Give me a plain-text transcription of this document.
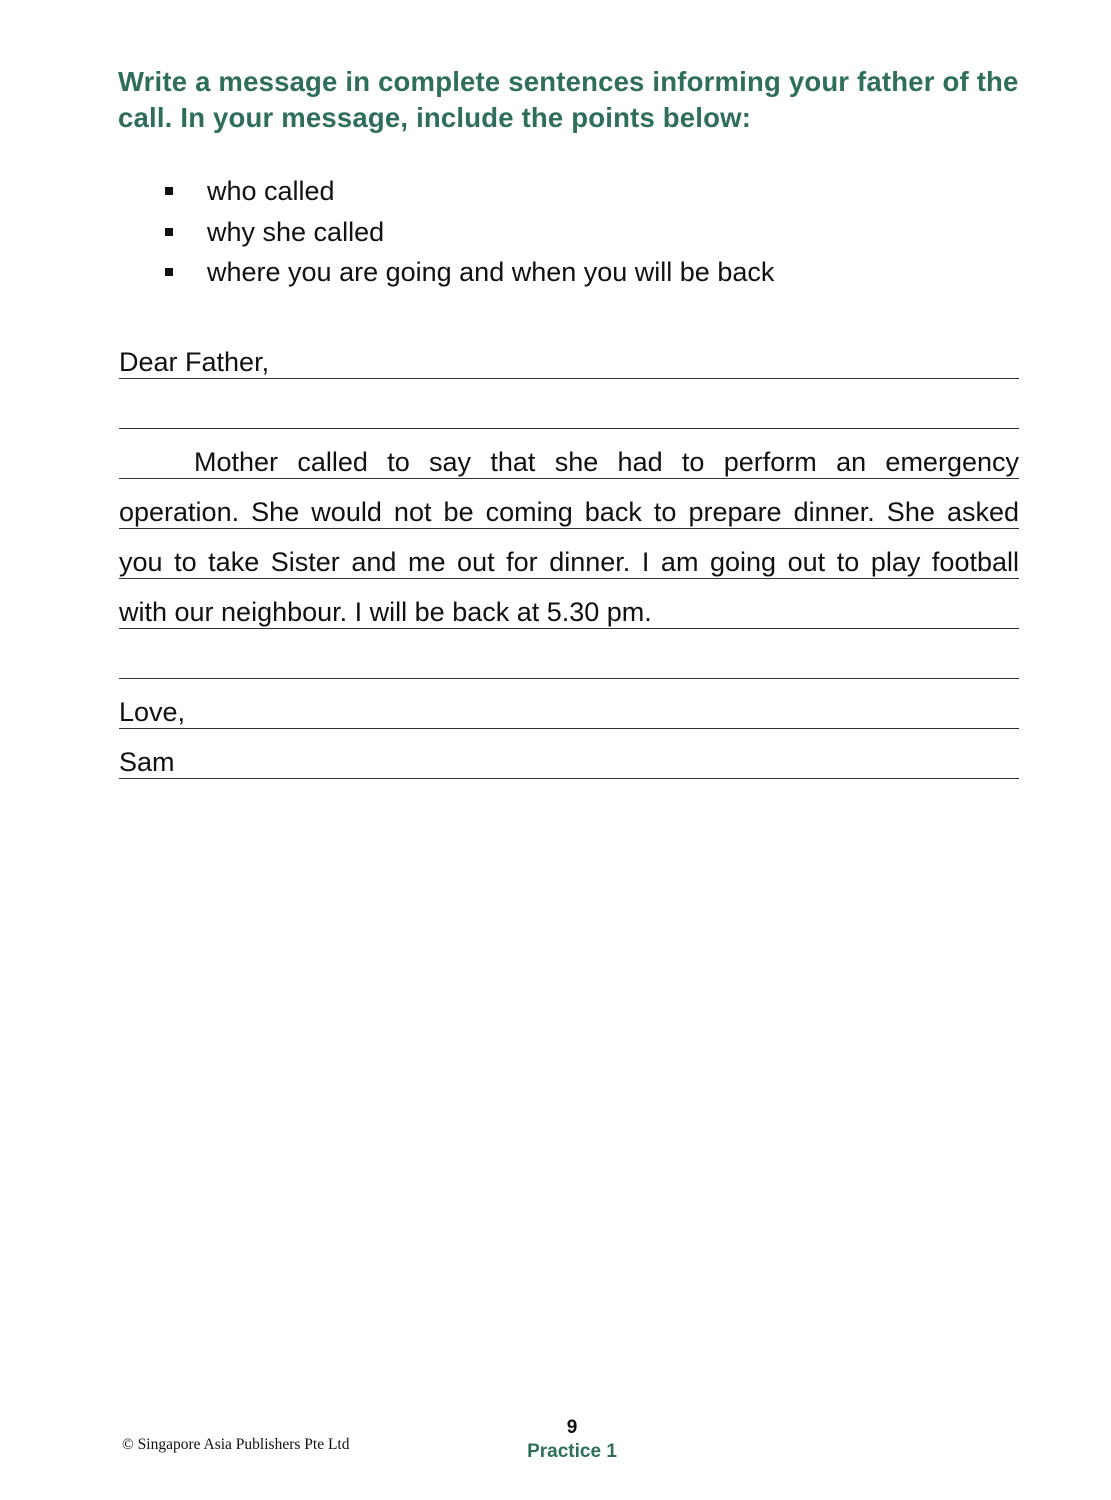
Write a message in complete sentences informing your father of the call. In your message, include the points below:

who called
why she called
where you are going and when you will be back
Dear Father,
Mother called to say that she had to perform an emergency
operation. She would not be coming back to prepare dinner. She asked
you to take Sister and me out for dinner. I am going out to play football
with our neighbour. I will be back at 5.30 pm.
Love,
Sam
© Singapore Asia Publishers Pte Ltd
9
Practice 1
